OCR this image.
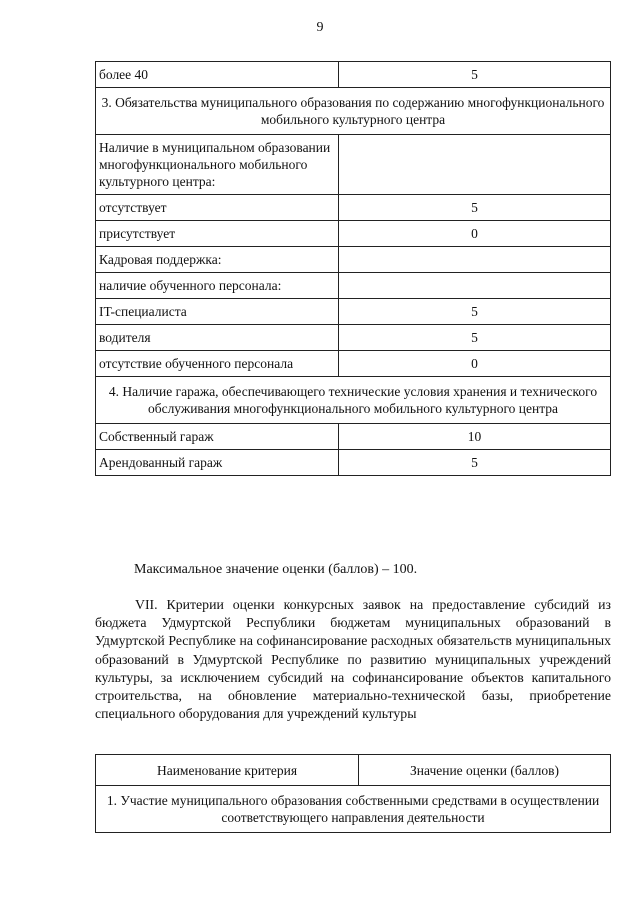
9
более 40	5
3. Обязательства муниципального образования по содержанию многофункционального мобильного культурного центра	
Наличие в муниципальном образовании многофункционального мобильного культурного центра:	
отсутствует	5
присутствует	0
Кадровая поддержка:	
наличие обученного персонала:	
IT-специалиста	5
водителя	5
отсутствие обученного персонала	0
4. Наличие гаража, обеспечивающего технические условия хранения и технического обслуживания многофункционального мобильного культурного центра	
Собственный гараж	10
Арендованный гараж	5
Максимальное значение оценки (баллов) – 100.
VII. Критерии оценки конкурсных заявок на предоставление субсидий из бюджета Удмуртской Республики бюджетам муниципальных образований в Удмуртской Республике на софинансирование расходных обязательств муниципальных образований в Удмуртской Республике по развитию муниципальных учреждений культуры, за исключением субсидий на софинансирование объектов капитального строительства, на обновление материально-технической базы, приобретение специального оборудования для учреждений культуры
Наименование критерия	Значение оценки (баллов)
1. Участие муниципального образования собственными средствами в осуществлении соответствующего направления деятельности
